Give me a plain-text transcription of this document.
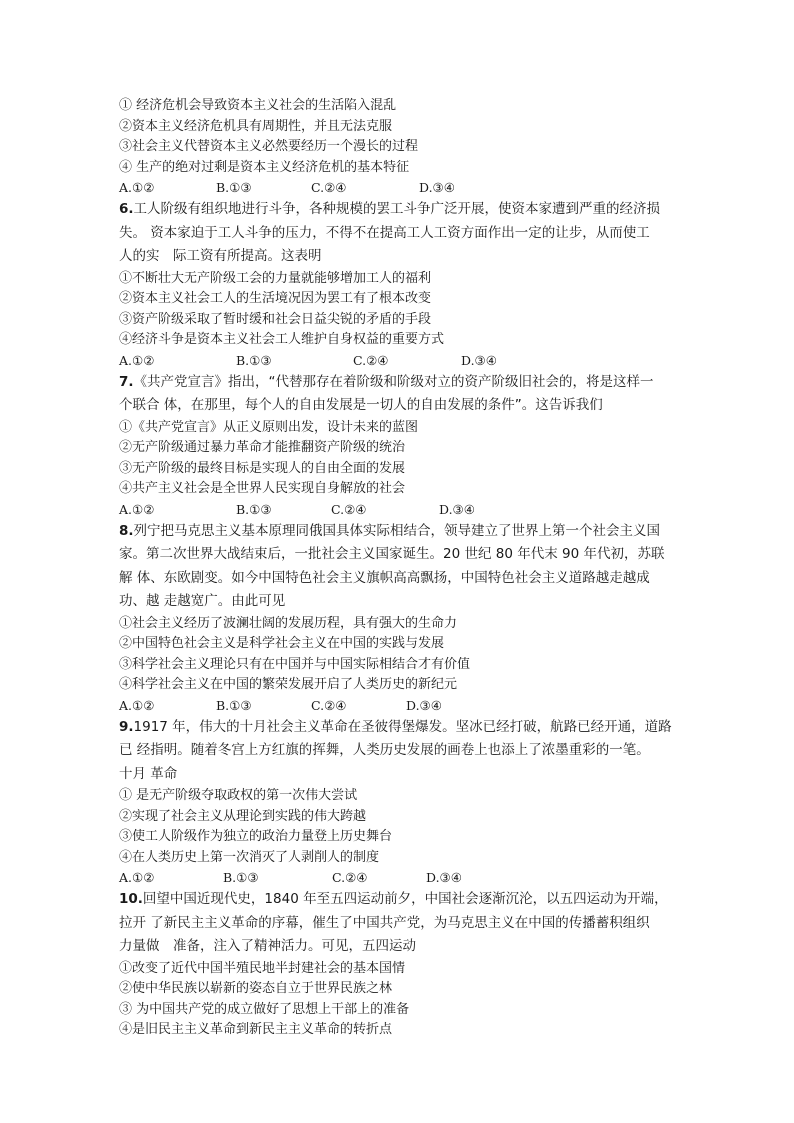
① 经济危机会导致资本主义社会的生活陷入混乱
②资本主义经济危机具有周期性，并且无法克服
③社会主义代替资本主义必然要经历一个漫长的过程
④ 生产的绝对过剩是资本主义经济危机的基本特征
A.①②	B.①③	C.②④	D.③④
6.工人阶级有组织地进行斗争，各种规模的罢工斗争广泛开展，使资本家遭到严重的经济损
失。 资本家迫于工人斗争的压力，不得不在提高工人工资方面作出一定的让步，从而使工
人的实　际工资有所提高。这表明
①不断壮大无产阶级工会的力量就能够增加工人的福利
②资本主义社会工人的生活境况因为罢工有了根本改变
③资产阶级采取了暂时缓和社会日益尖锐的矛盾的手段
④经济斗争是资本主义社会工人维护自身权益的重要方式
A.①②	B.①③	C.②④	D.③④
7.《共产党宣言》指出，“代替那存在着阶级和阶级对立的资产阶级旧社会的，将是这样一
个联合 体，在那里，每个人的自由发展是一切人的自由发展的条件”。这告诉我们
①《共产党宣言》从正义原则出发，设计未来的蓝图
②无产阶级通过暴力革命才能推翻资产阶级的统治
③无产阶级的最终目标是实现人的自由全面的发展
④共产主义社会是全世界人民实现自身解放的社会
A.①②	B.①③	C.②④	D.③④
8.列宁把马克思主义基本原理同俄国具体实际相结合，领导建立了世界上第一个社会主义国
家。第二次世界大战结束后，一批社会主义国家诞生。20 世纪 80 年代末 90 年代初，苏联
解 体、东欧剧变。如今中国特色社会主义旗帜高高飘扬，中国特色社会主义道路越走越成
功、越 走越宽广。由此可见
①社会主义经历了波澜壮阔的发展历程，具有强大的生命力
②中国特色社会主义是科学社会主义在中国的实践与发展
③科学社会主义理论只有在中国并与中国实际相结合才有价值
④科学社会主义在中国的繁荣发展开启了人类历史的新纪元
A.①②	B.①③	C.②④	D.③④
9.1917 年，伟大的十月社会主义革命在圣彼得堡爆发。坚冰已经打破，航路已经开通，道路
已 经指明。随着冬宫上方红旗的挥舞，人类历史发展的画卷上也添上了浓墨重彩的一笔。
十月 革命
① 是无产阶级夺取政权的第一次伟大尝试
②实现了社会主义从理论到实践的伟大跨越
③使工人阶级作为独立的政治力量登上历史舞台
④在人类历史上第一次消灭了人剥削人的制度
A.①②	B.①③	C.②④	D.③④
10.回望中国近现代史，1840 年至五四运动前夕，中国社会逐渐沉沦，以五四运动为开端，
拉开 了新民主主义革命的序幕，催生了中国共产党，为马克思主义在中国的传播蓄积组织
力量做　准备，注入了精神活力。可见，五四运动
①改变了近代中国半殖民地半封建社会的基本国情
②使中华民族以崭新的姿态自立于世界民族之林
③ 为中国共产党的成立做好了思想上干部上的准备
④是旧民主主义革命到新民主主义革命的转折点
